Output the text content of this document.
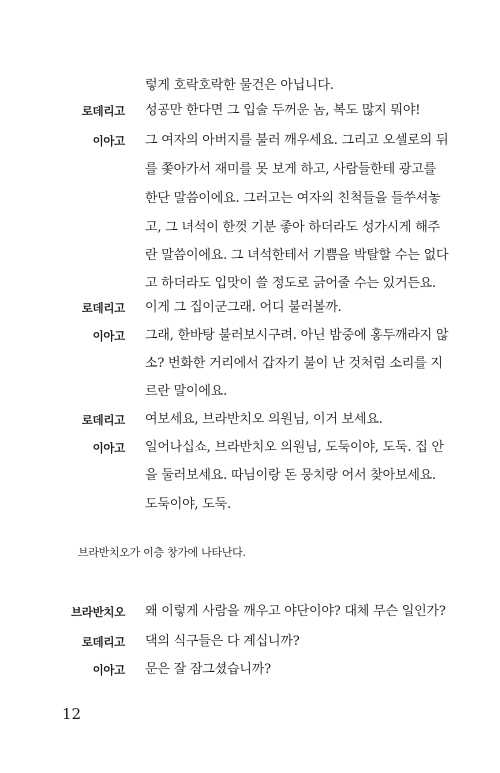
렇게 호락호락한 물건은 아닙니다.
로데리고 성공만 한다면 그 입술 두꺼운 놈, 복도 많지 뭐야!
이아고 그 여자의 아버지를 불러 깨우세요. 그리고 오셀로의 뒤
를 쫓아가서 재미를 못 보게 하고, 사람들한테 광고를
한단 말씀이에요. 그러고는 여자의 친척들을 들쑤셔놓
고, 그 녀석이 한껏 기분 좋아 하더라도 성가시게 해주
란 말씀이에요. 그 녀석한테서 기쁨을 박탈할 수는 없다
고 하더라도 입맛이 쓸 정도로 긁어줄 수는 있거든요.
로데리고 이게 그 집이군그래. 어디 불러볼까.
이아고 그래, 한바탕 불러보시구려. 아닌 밤중에 홍두깨라지 않
소? 번화한 거리에서 갑자기 불이 난 것처럼 소리를 지
르란 말이에요.
로데리고 여보세요, 브라반치오 의원님, 이거 보세요.
이아고 일어나십쇼, 브라반치오 의원님, 도둑이야, 도둑. 집 안
을 둘러보세요. 따님이랑 돈 뭉치랑 어서 찾아보세요.
도둑이야, 도둑.
브라반치오가 이층 창가에 나타난다.
브라반치오 왜 이렇게 사람을 깨우고 야단이야? 대체 무슨 일인가?
로데리고 댁의 식구들은 다 계십니까?
이아고 문은 잘 잠그셨습니까?
12
